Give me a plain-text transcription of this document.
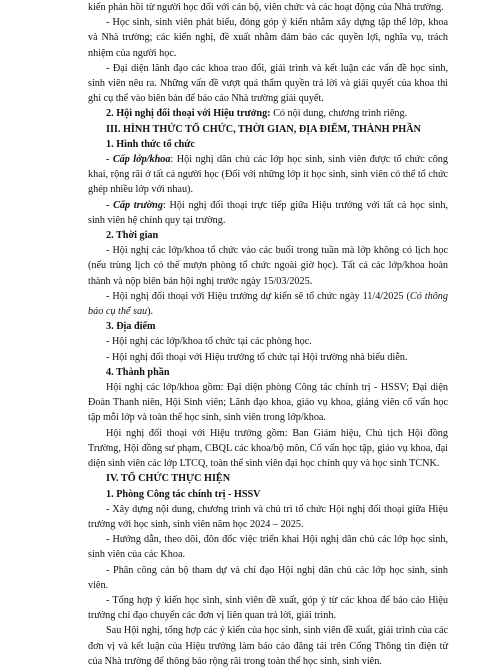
kiến phản hồi từ người học đối với cán bộ, viên chức và các hoạt động của Nhà trường.

- Học sinh, sinh viên phát biểu, đóng góp ý kiến nhằm xây dựng tập thể lớp, khoa và Nhà trường; các kiến nghị, đề xuất nhằm đảm bảo các quyền lợi, nghĩa vụ, trách nhiệm của người học.

- Đại diện lãnh đạo các khoa trao đổi, giải trình và kết luận các vấn đề học sinh, sinh viên nêu ra. Những vấn đề vượt quá thẩm quyền trả lời và giải quyết của khoa thì ghi cụ thể vào biên bản để báo cáo Nhà trường giải quyết.

2. Hội nghị đối thoại với Hiệu trưởng: Có nội dung, chương trình riêng.

III. HÌNH THỨC TỔ CHỨC, THỜI GIAN, ĐỊA ĐIỂM, THÀNH PHẦN

1. Hình thức tổ chức

- Cấp lớp/khoa: Hội nghị dân chủ các lớp học sinh, sinh viên được tổ chức công khai, rộng rãi ở tất cả người học (Đối với những lớp ít học sinh, sinh viên có thể tổ chức ghép nhiều lớp với nhau).

- Cấp trường: Hội nghị đối thoại trực tiếp giữa Hiệu trưởng với tất cả học sinh, sinh viên hệ chính quy tại trường.

2. Thời gian

- Hội nghị các lớp/khoa tổ chức vào các buổi trong tuần mà lớp không có lịch học (nếu trùng lịch có thể mượn phòng tổ chức ngoài giờ học). Tất cả các lớp/khoa hoàn thành và nộp biên bản hội nghị trước ngày 15/03/2025.

- Hội nghị đối thoại với Hiệu trưởng dự kiến sẽ tổ chức ngày 11/4/2025 (Có thông báo cụ thể sau).

3. Địa điểm

- Hội nghị các lớp/khoa tổ chức tại các phòng học.

- Hội nghị đối thoại với Hiệu trưởng tổ chức tại Hội trường nhà biểu diễn.

4. Thành phần

Hội nghị các lớp/khoa gồm: Đại diện phòng Công tác chính trị - HSSV; Đại diện Đoàn Thanh niên, Hội Sinh viên; Lãnh đạo khoa, giáo vụ khoa, giảng viên cố vấn học tập mỗi lớp và toàn thể học sinh, sinh viên trong lớp/khoa.

Hội nghị đối thoại với Hiệu trưởng gồm: Ban Giám hiệu, Chủ tịch Hội đồng Trường, Hội đồng sư phạm, CBQL các khoa/bộ môn, Cố vấn học tập, giáo vụ khoa, đại diện sinh viên các lớp LTCQ, toàn thể sinh viên đại học chính quy và học sinh TCNK.

IV. TỔ CHỨC THỰC HIỆN

1. Phòng Công tác chính trị - HSSV

- Xây dựng nội dung, chương trình và chủ trì tổ chức Hội nghị đối thoại giữa Hiệu trưởng với học sinh, sinh viên năm học 2024 – 2025.

- Hướng dẫn, theo dõi, đôn đốc việc triển khai Hội nghị dân chủ các lớp học sinh, sinh viên của các Khoa.

- Phân công cán bộ tham dự và chỉ đạo Hội nghị dân chủ các lớp học sinh, sinh viên.

- Tổng hợp ý kiến học sinh, sinh viên đề xuất, góp ý từ các khoa để báo cáo Hiệu trưởng chỉ đạo chuyển các đơn vị liên quan trả lời, giải trình.

Sau Hội nghị, tổng hợp các ý kiến của học sinh, sinh viên đề xuất, giải trình của các đơn vị và kết luận của Hiệu trưởng làm báo cáo đăng tải trên Cổng Thông tin điện tử của Nhà trường để thông báo rộng rãi trong toàn thể học sinh, sinh viên.
